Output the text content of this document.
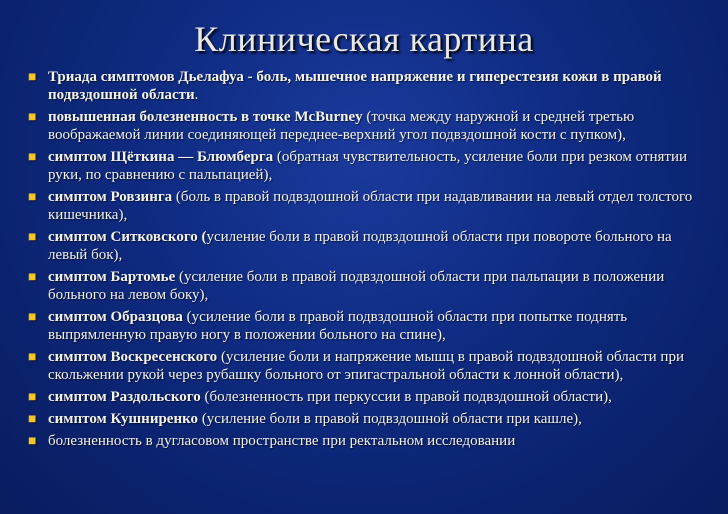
Клиническая картина
■ Триада симптомов Дьелафуа - боль, мышечное напряжение и гиперестезия кожи в правой подвздошной области.
■ повышенная болезненность в точке McBurney (точка между наружной и средней третью воображаемой линии соединяющей переднее-верхний угол подвздошной кости с пупком),
■ симптом Щёткина — Блюмберга (обратная чувствительность, усиление боли при резком отнятии руки, по сравнению с пальпацией),
■ симптом Ровзинга (боль в правой подвздошной области при надавливании на левый отдел толстого кишечника),
■ симптом Ситковского (усиление боли в правой подвздошной области при повороте больного на левый бок),
■ симптом Бартомье (усиление боли в правой подвздошной области при пальпации в положении больного на левом боку),
■ симптом Образцова (усиление боли в правой подвздошной области при попытке поднять выпрямленную правую ногу в положении больного на спине),
■ симптом Воскресенского (усиление боли и напряжение мышц в правой подвздошной области при скольжении рукой через рубашку больного от эпигастральной области к лонной области),
■ симптом Раздольского (болезненность при перкуссии в правой подвздошной области),
■ симптом Кушниренко (усиление боли в правой подвздошной области при кашле),
■ болезненность в дугласовом пространстве при ректальном исследовании
